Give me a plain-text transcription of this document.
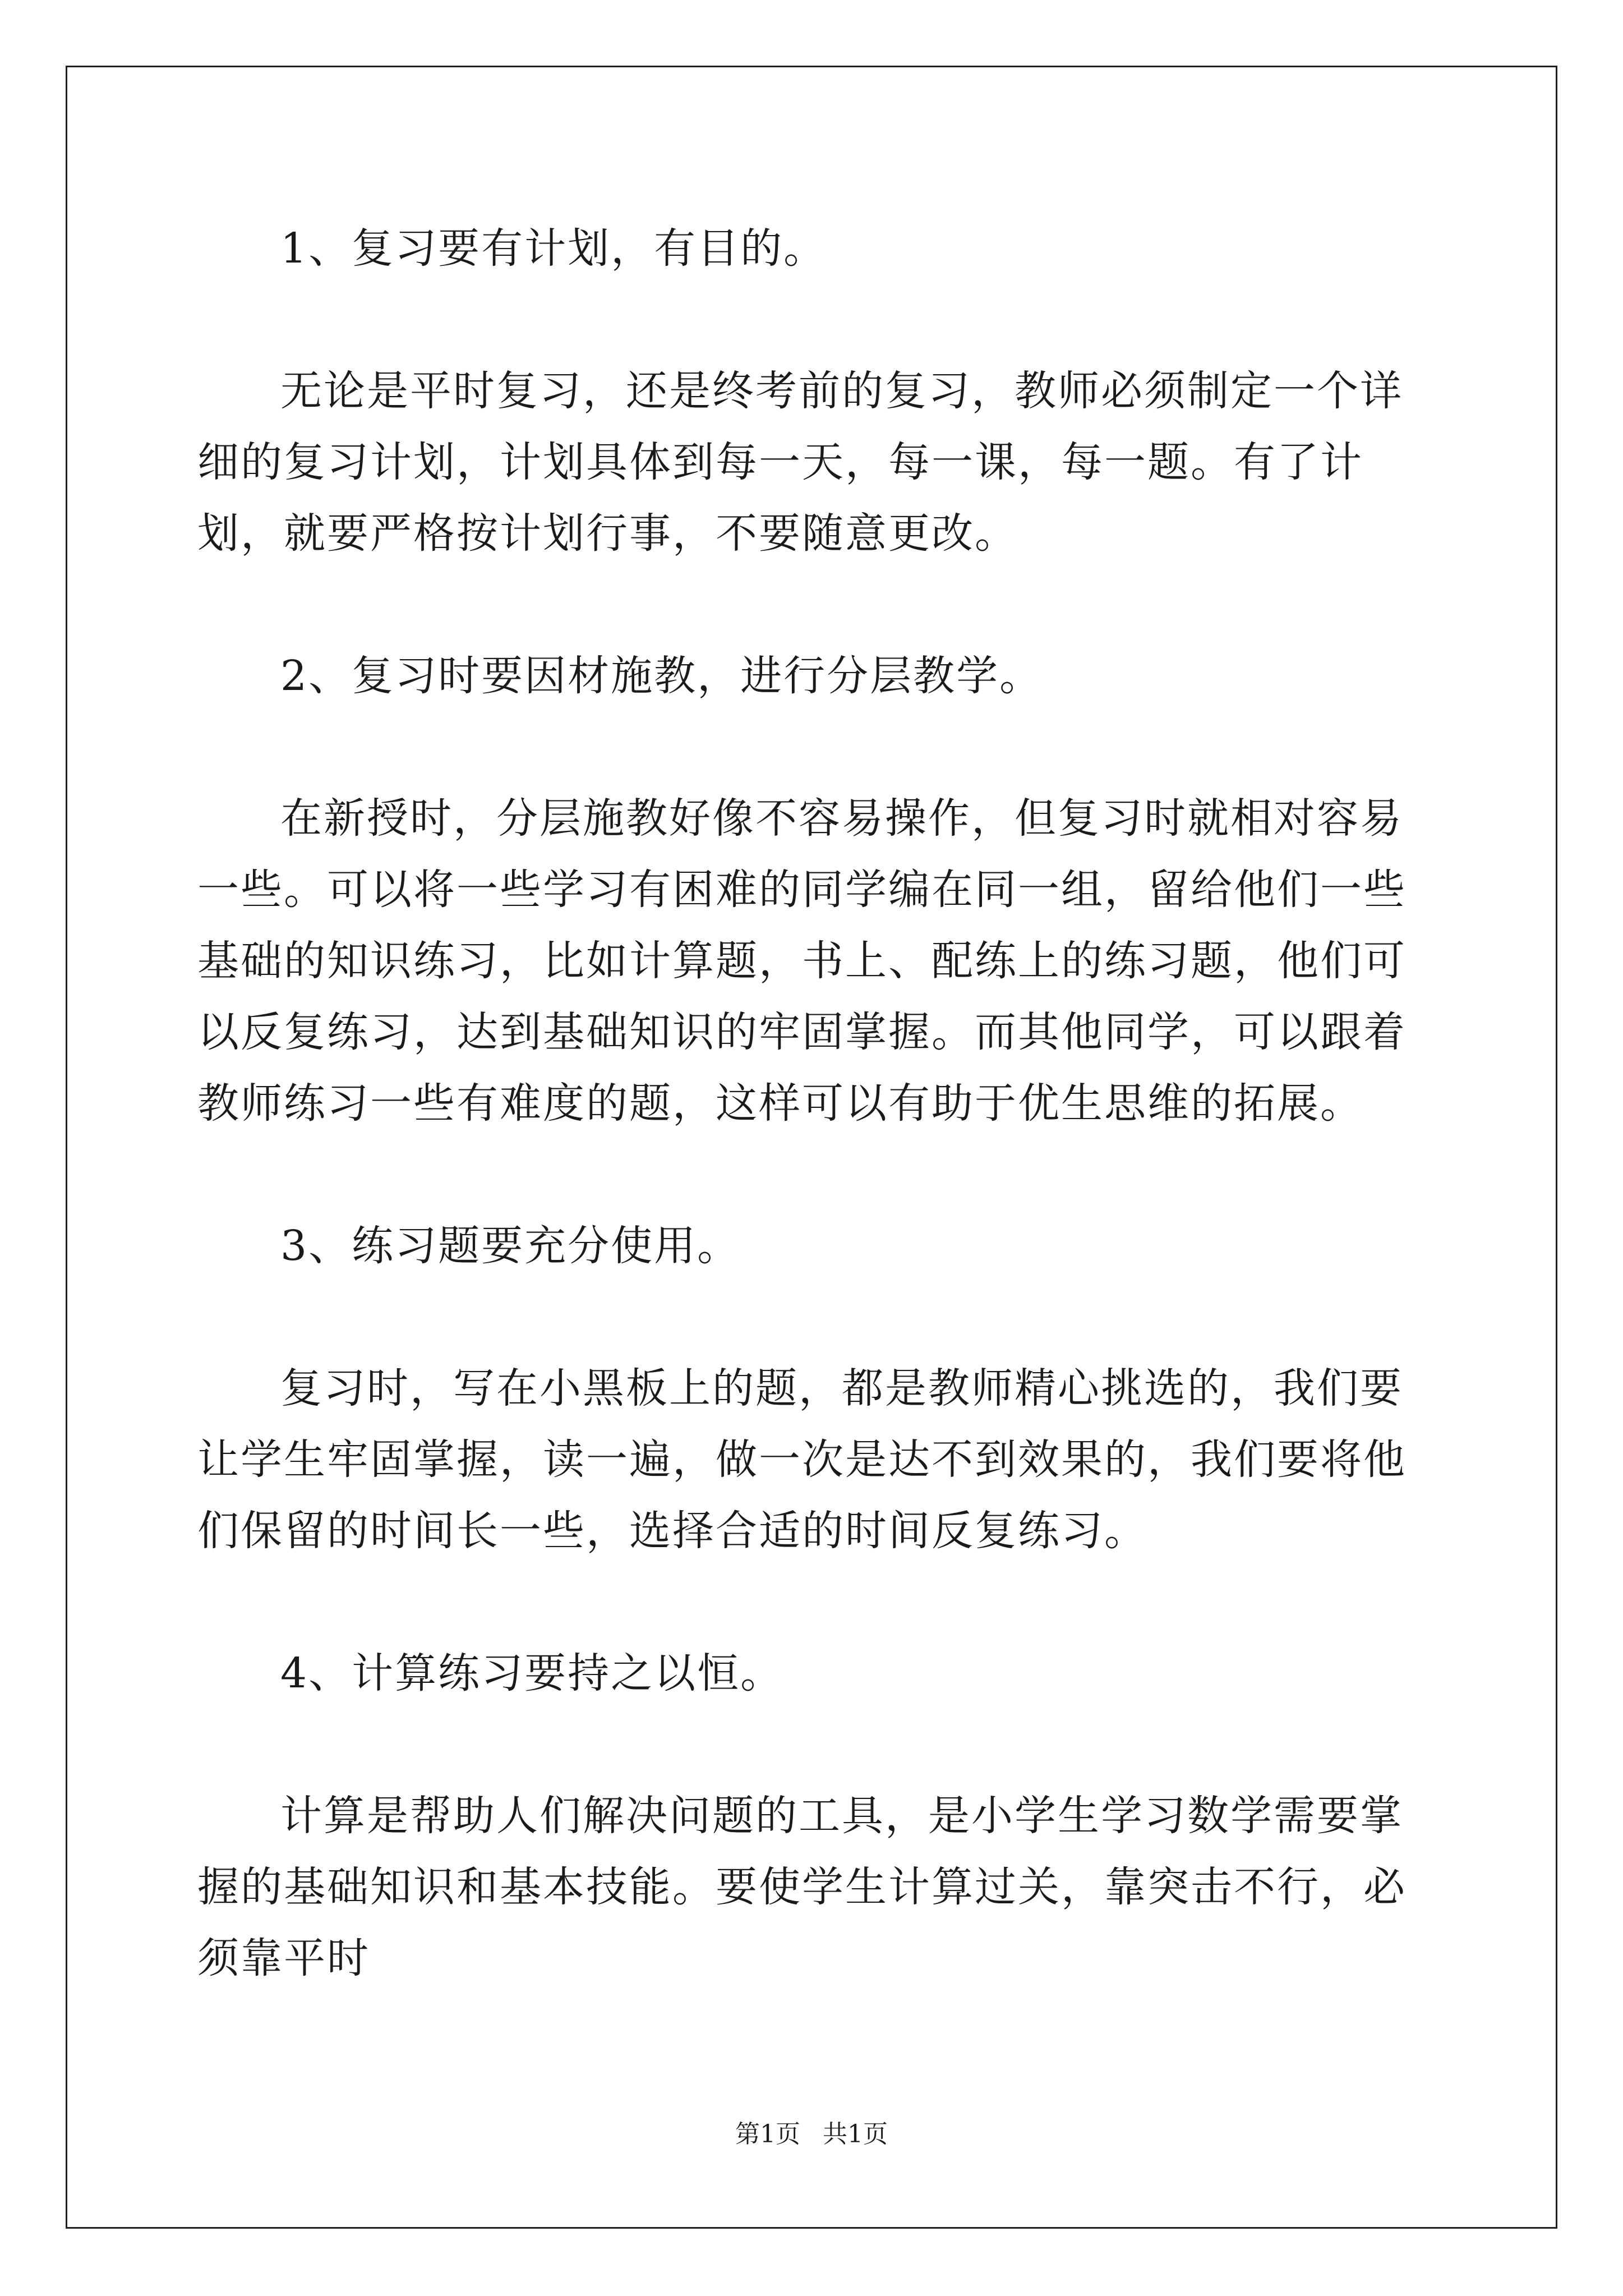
1、复习要有计划，有目的。

无论是平时复习，还是终考前的复习，教师必须制定一个详细的复习计划，计划具体到每一天，每一课，每一题。有了计划，就要严格按计划行事，不要随意更改。

2、复习时要因材施教，进行分层教学。

在新授时，分层施教好像不容易操作，但复习时就相对容易一些。可以将一些学习有困难的同学编在同一组，留给他们一些基础的知识练习，比如计算题，书上、配练上的练习题，他们可以反复练习，达到基础知识的牢固掌握。而其他同学，可以跟着教师练习一些有难度的题，这样可以有助于优生思维的拓展。

3、练习题要充分使用。

复习时，写在小黑板上的题，都是教师精心挑选的，我们要让学生牢固掌握，读一遍，做一次是达不到效果的，我们要将他们保留的时间长一些，选择合适的时间反复练习。

4、计算练习要持之以恒。

计算是帮助人们解决问题的工具，是小学生学习数学需要掌握的基础知识和基本技能。要使学生计算过关，靠突击不行，必须靠平时

第1页 共1页
